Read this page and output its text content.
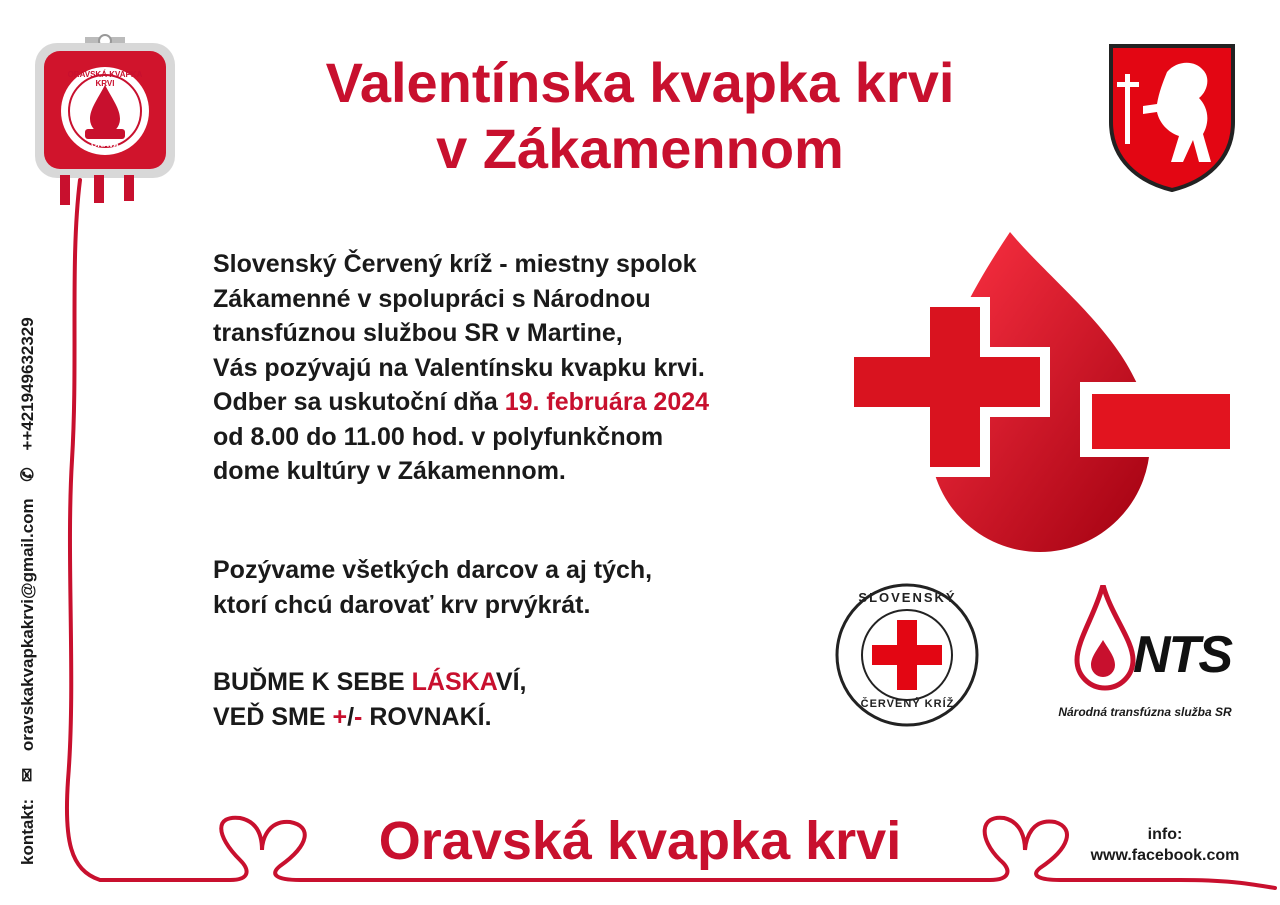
ORAVSKÁ KVAPKA KRVI
ORAVA
SLOVENSKÝ
ČERVENÝ KRÍŽ
NTS
Národná transfúzna služba SR
Valentínska kvapka krvi
v Zákamennom
Slovenský Červený kríž - miestny spolok
Zákamenné v spolupráci s Národnou
transfúznou službou SR v Martine,
Vás pozývajú na Valentínsku kvapku krvi.
Odber sa uskutoční dňa 19. februára 2024
od 8.00 do 11.00 hod. v polyfunkčnom
dome kultúry v Zákamennom.
Pozývame všetkých darcov a aj tých,
ktorí chcú darovať krv prvýkrát.
BUĎME K SEBE LÁSKAVÍ,
VEĎ SME +/- ROVNAKÍ.
Oravská kvapka krvi	info:
www.facebook.com
kontakt: ✉ oravskakvapkakrvi@gmail.com ✆ ++421949632329
